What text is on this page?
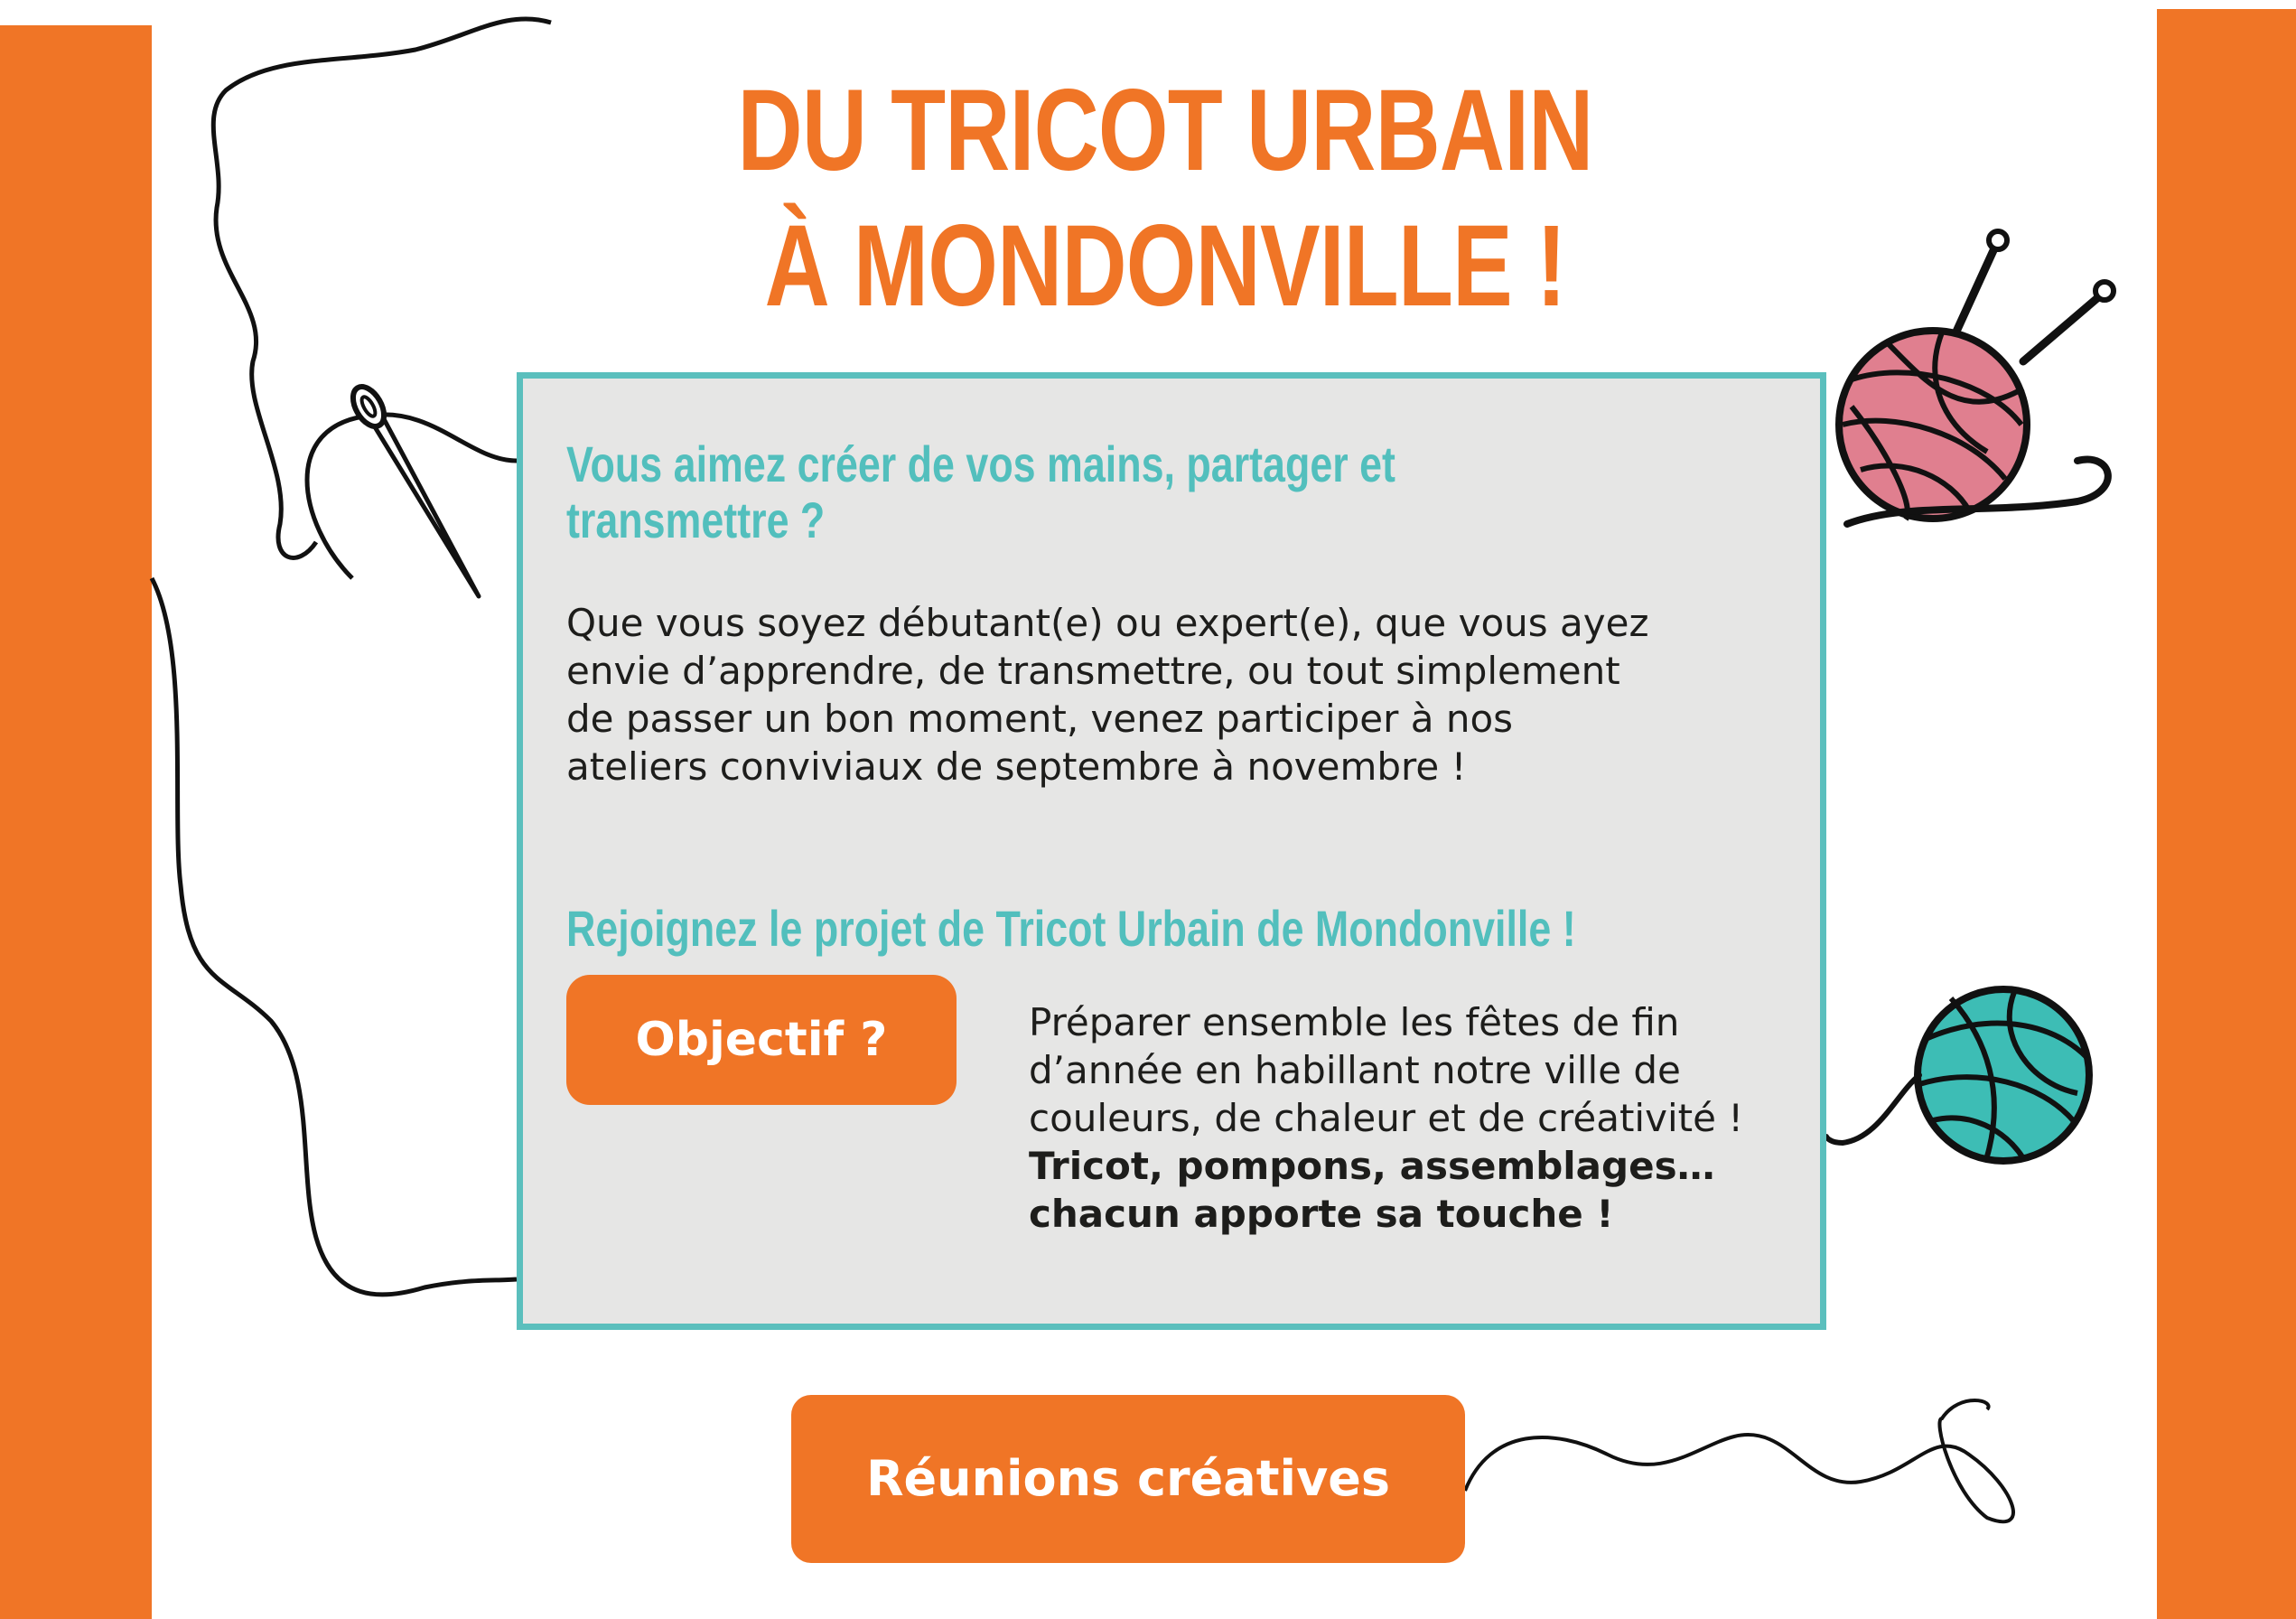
DU TRICOT URBAIN
À MONDONVILLE !
Vous aimez créer de vos mains, partager et transmettre ?
Que vous soyez débutant(e) ou expert(e), que vous ayez envie d’apprendre, de transmettre, ou tout simplement de passer un bon moment, venez participer à nos ateliers conviviaux de septembre à novembre !
Rejoignez le projet de Tricot Urbain de Mondonville !
Objectif ?	Préparer ensemble les fêtes de fin d’année en habillant notre ville de couleurs, de chaleur et de créativité ! Tricot, pompons, assemblages… chacun apporte sa touche !
Réunions créatives
